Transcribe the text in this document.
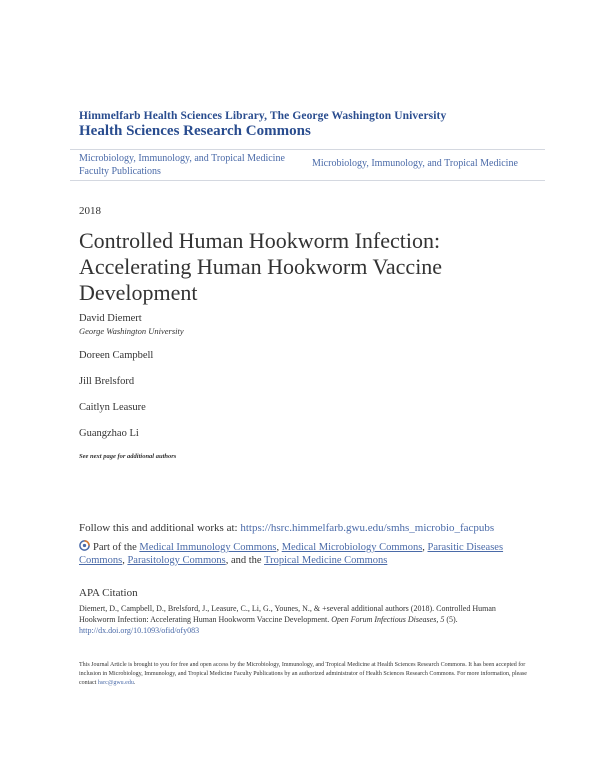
Himmelfarb Health Sciences Library, The George Washington University
Health Sciences Research Commons
Microbiology, Immunology, and Tropical Medicine
Faculty Publications
Microbiology, Immunology, and Tropical Medicine
2018
Controlled Human Hookworm Infection: Accelerating Human Hookworm Vaccine Development
David Diemert
George Washington University
Doreen Campbell
Jill Brelsford
Caitlyn Leasure
Guangzhao Li
See next page for additional authors
Follow this and additional works at: https://hsrc.himmelfarb.gwu.edu/smhs_microbio_facpubs
Part of the Medical Immunology Commons, Medical Microbiology Commons, Parasitic Diseases Commons, Parasitology Commons, and the Tropical Medicine Commons
APA Citation
Diemert, D., Campbell, D., Brelsford, J., Leasure, C., Li, G., Younes, N., & +several additional authors (2018). Controlled Human Hookworm Infection: Accelerating Human Hookworm Vaccine Development. Open Forum Infectious Diseases, 5 (5).
http://dx.doi.org/10.1093/ofid/ofy083
This Journal Article is brought to you for free and open access by the Microbiology, Immunology, and Tropical Medicine at Health Sciences Research Commons. It has been accepted for inclusion in Microbiology, Immunology, and Tropical Medicine Faculty Publications by an authorized administrator of Health Sciences Research Commons. For more information, please contact hsrc@gwu.edu.
